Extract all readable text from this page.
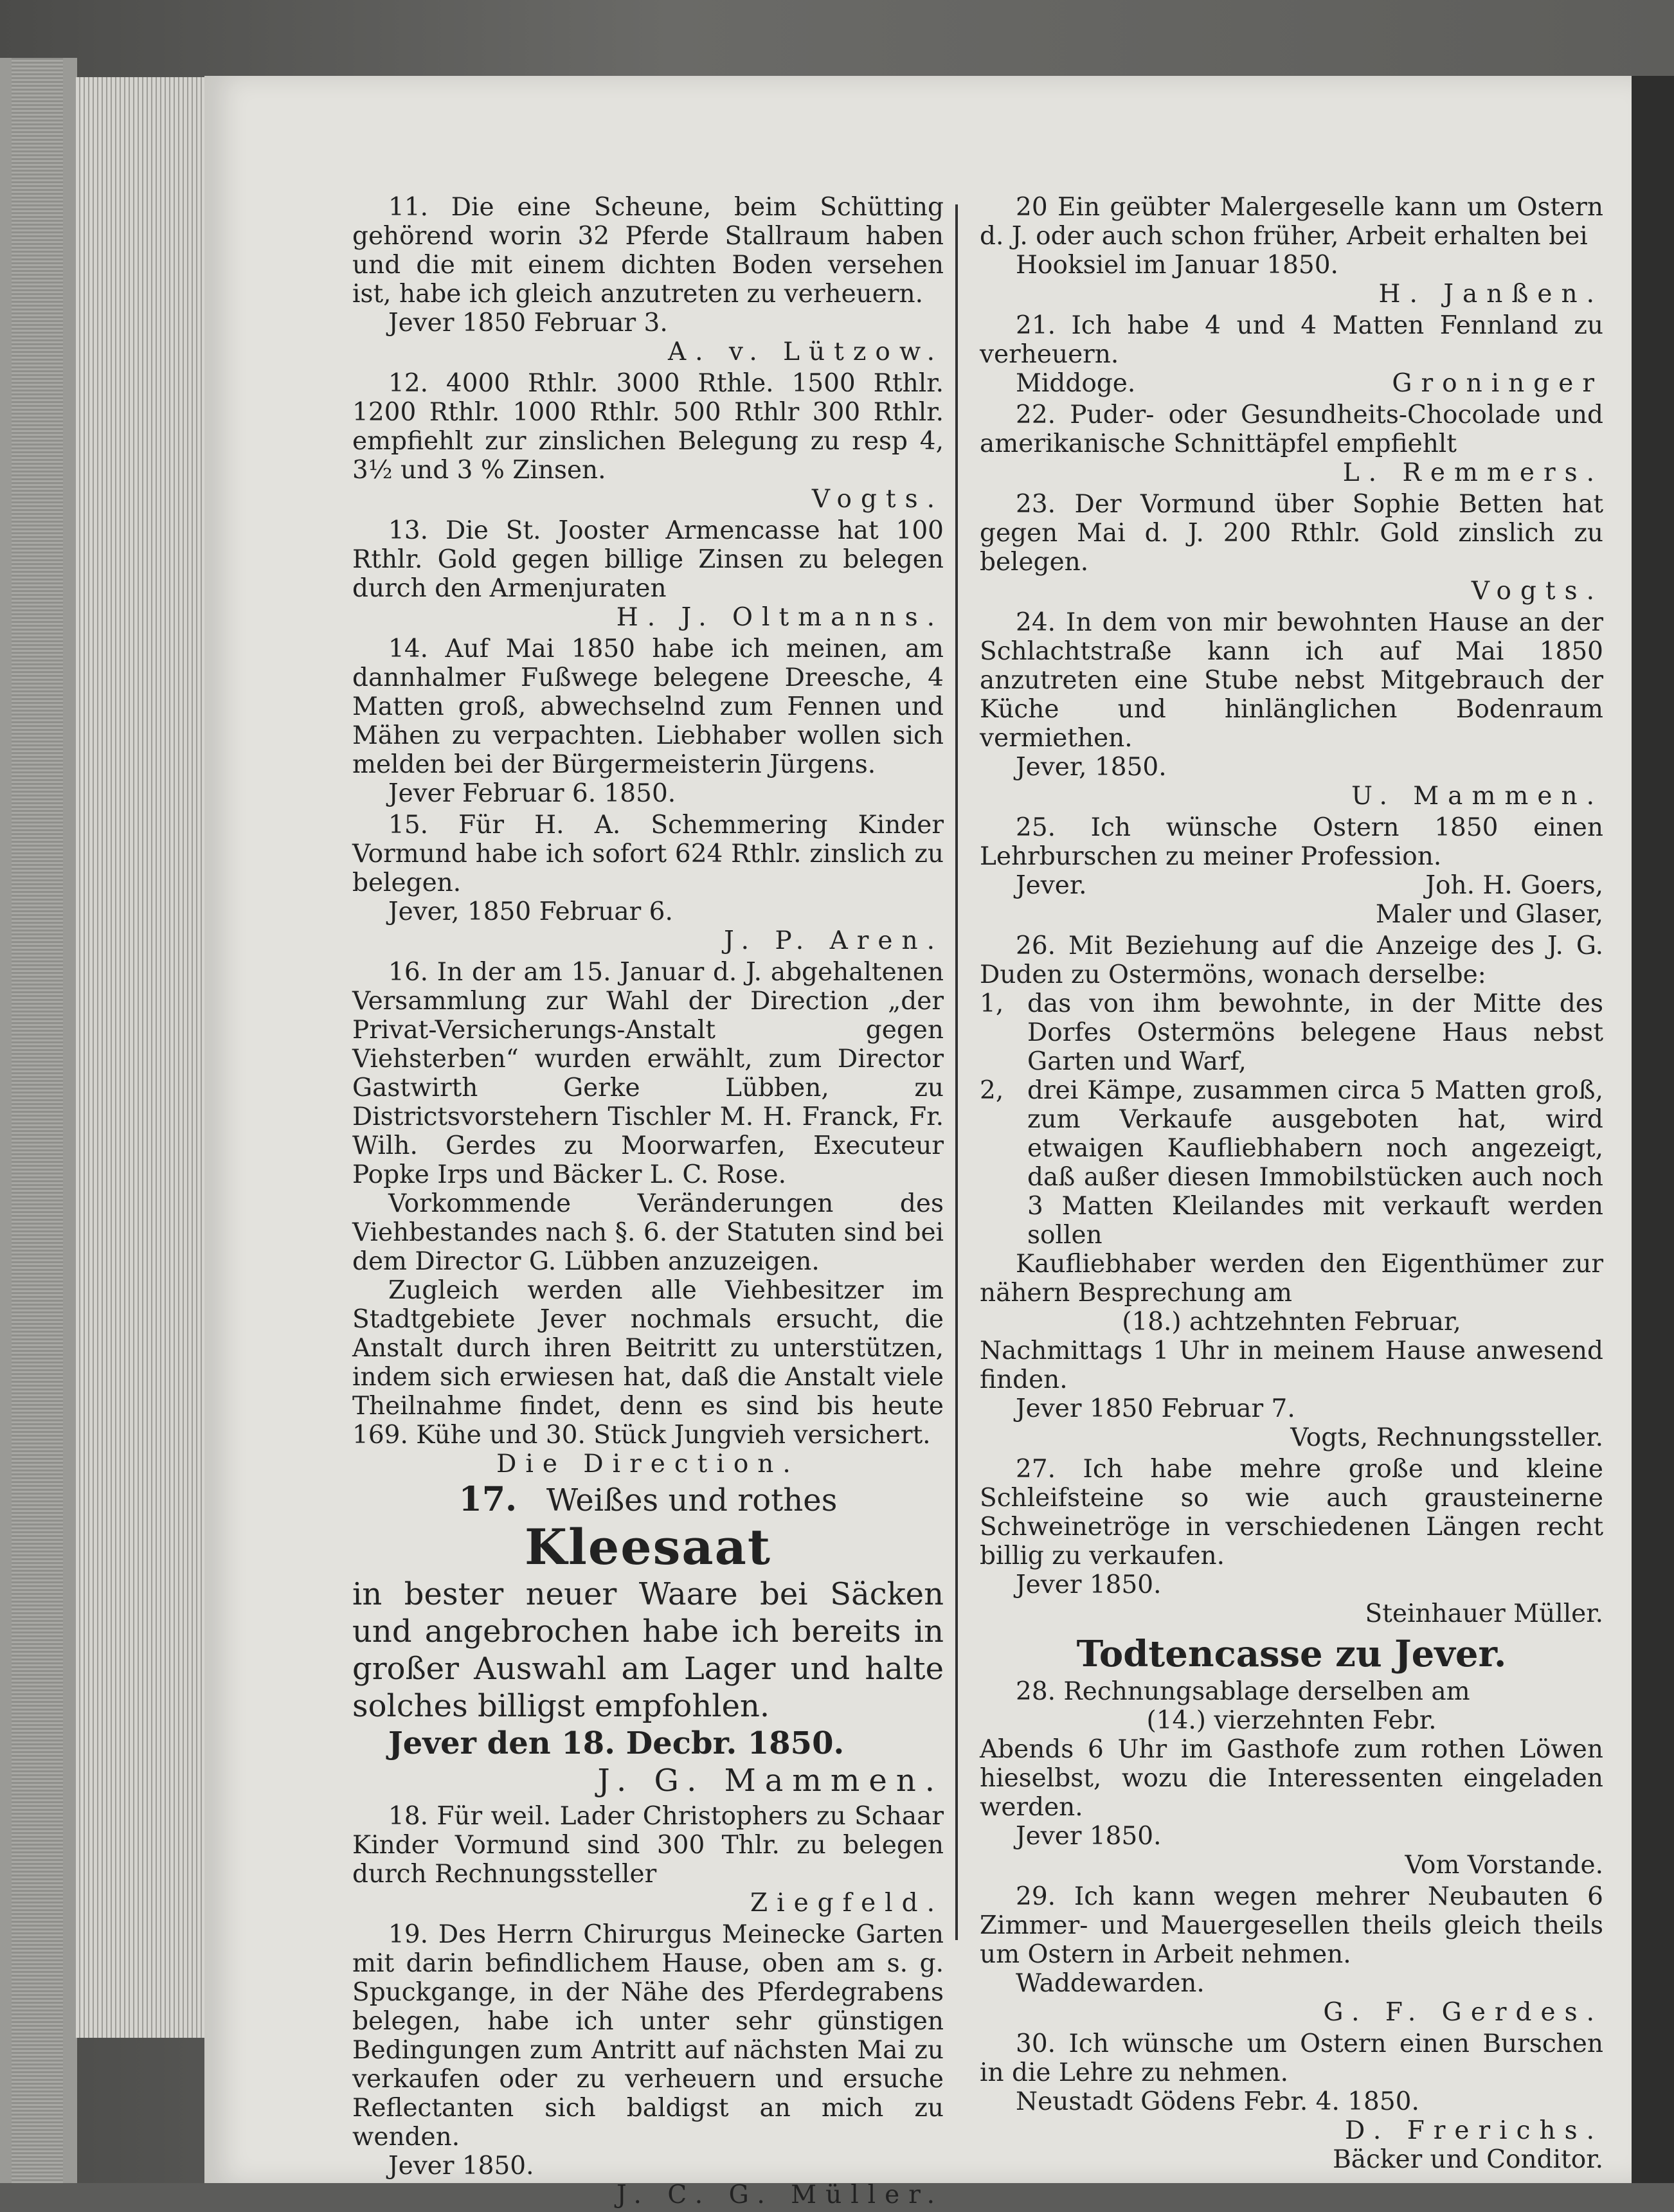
11. Die eine Scheune, beim Schütting gehörend worin 32 Pferde Stallraum haben und die mit einem dichten Boden versehen ist, habe ich gleich anzutreten zu verheuern.
Jever 1850 Februar 3.
A. v. Lützow.
12. 4000 Rthlr. 3000 Rthle. 1500 Rthlr. 1200 Rthlr. 1000 Rthlr. 500 Rthlr 300 Rthlr. empfiehlt zur zinslichen Belegung zu resp 4, 3½ und 3 % Zinsen.
Vogts.
13. Die St. Jooster Armencasse hat 100 Rthlr. Gold gegen billige Zinsen zu belegen durch den Armenjuraten
H. J. Oltmanns.
14. Auf Mai 1850 habe ich meinen, am dannhalmer Fußwege belegene Dreesche, 4 Matten groß, abwechselnd zum Fennen und Mähen zu verpachten. Liebhaber wollen sich melden bei der Bürgermeisterin Jürgens.
Jever Februar 6. 1850.
15. Für H. A. Schemmering Kinder Vormund habe ich sofort 624 Rthlr. zinslich zu belegen.
Jever, 1850 Februar 6.
J. P. Aren.
16. In der am 15. Januar d. J. abgehaltenen Versammlung zur Wahl der Direction „der Privat-Versicherungs-Anstalt gegen Viehsterben“ wurden erwählt, zum Director Gastwirth Gerke Lübben, zu Districtsvorstehern Tischler M. H. Franck, Fr. Wilh. Gerdes zu Moorwarfen, Executeur Popke Irps und Bäcker L. C. Rose.
Vorkommende Veränderungen des Viehbestandes nach §. 6. der Statuten sind bei dem Director G. Lübben anzuzeigen.
Zugleich werden alle Viehbesitzer im Stadtgebiete Jever nochmals ersucht, die Anstalt durch ihren Beitritt zu unterstützen, indem sich erwiesen hat, daß die Anstalt viele Theilnahme findet, denn es sind bis heute 169. Kühe und 30. Stück Jungvieh versichert.
Die Direction.
17. Weißes und rothes
Kleesaat
in bester neuer Waare bei Säcken und angebrochen habe ich bereits in großer Auswahl am Lager und halte solches billigst empfohlen.
Jever den 18. Decbr. 1850.
J. G. Mammen.
18. Für weil. Lader Christophers zu Schaar Kinder Vormund sind 300 Thlr. zu belegen durch Rechnungssteller
Ziegfeld.
19. Des Herrn Chirurgus Meinecke Garten mit darin befindlichem Hause, oben am s. g. Spuckgange, in der Nähe des Pferdegrabens belegen, habe ich unter sehr günstigen Bedingungen zum Antritt auf nächsten Mai zu verkaufen oder zu verheuern und ersuche Reflectanten sich baldigst an mich zu wenden.
Jever 1850.
J. C. G. Müller.
20 Ein geübter Malergeselle kann um Ostern d. J. oder auch schon früher, Arbeit erhalten bei
Hooksiel im Januar 1850.
H. Janßen.
21. Ich habe 4 und 4 Matten Fennland zu verheuern.
Middoge.	Groninger
22. Puder- oder Gesundheits-Chocolade und amerikanische Schnittäpfel empfiehlt
L. Remmers.
23. Der Vormund über Sophie Betten hat gegen Mai d. J. 200 Rthlr. Gold zinslich zu belegen.
Vogts.
24. In dem von mir bewohnten Hause an der Schlachtstraße kann ich auf Mai 1850 anzutreten eine Stube nebst Mitgebrauch der Küche und hinlänglichen Bodenraum vermiethen.
Jever, 1850.
U. Mammen.
25. Ich wünsche Ostern 1850 einen Lehrburschen zu meiner Profession.
Jever.	Joh. H. Goers,
Maler und Glaser,
26. Mit Beziehung auf die Anzeige des J. G. Duden zu Ostermöns, wonach derselbe:
1, das von ihm bewohnte, in der Mitte des Dorfes Ostermöns belegene Haus nebst Garten und Warf,
2, drei Kämpe, zusammen circa 5 Matten groß, zum Verkaufe ausgeboten hat, wird etwaigen Kaufliebhabern noch angezeigt, daß außer diesen Immobilstücken auch noch 3 Matten Kleilandes mit verkauft werden sollen
Kaufliebhaber werden den Eigenthümer zur nähern Besprechung am
(18.) achtzehnten Februar,
Nachmittags 1 Uhr in meinem Hause anwesend finden.
Jever 1850 Februar 7.
Vogts, Rechnungssteller.
27. Ich habe mehre große und kleine Schleifsteine so wie auch grausteinerne Schweinetröge in verschiedenen Längen recht billig zu verkaufen.
Jever 1850.
Steinhauer Müller.
Todtencasse zu Jever.
28. Rechnungsablage derselben am
(14.) vierzehnten Febr.
Abends 6 Uhr im Gasthofe zum rothen Löwen hieselbst, wozu die Interessenten eingeladen werden.
Jever 1850.
Vom Vorstande.
29. Ich kann wegen mehrer Neubauten 6 Zimmer- und Mauergesellen theils gleich theils um Ostern in Arbeit nehmen.
Waddewarden.
G. F. Gerdes.
30. Ich wünsche um Ostern einen Burschen in die Lehre zu nehmen.
Neustadt Gödens Febr. 4. 1850.
D. Frerichs.
Bäcker und Conditor.
